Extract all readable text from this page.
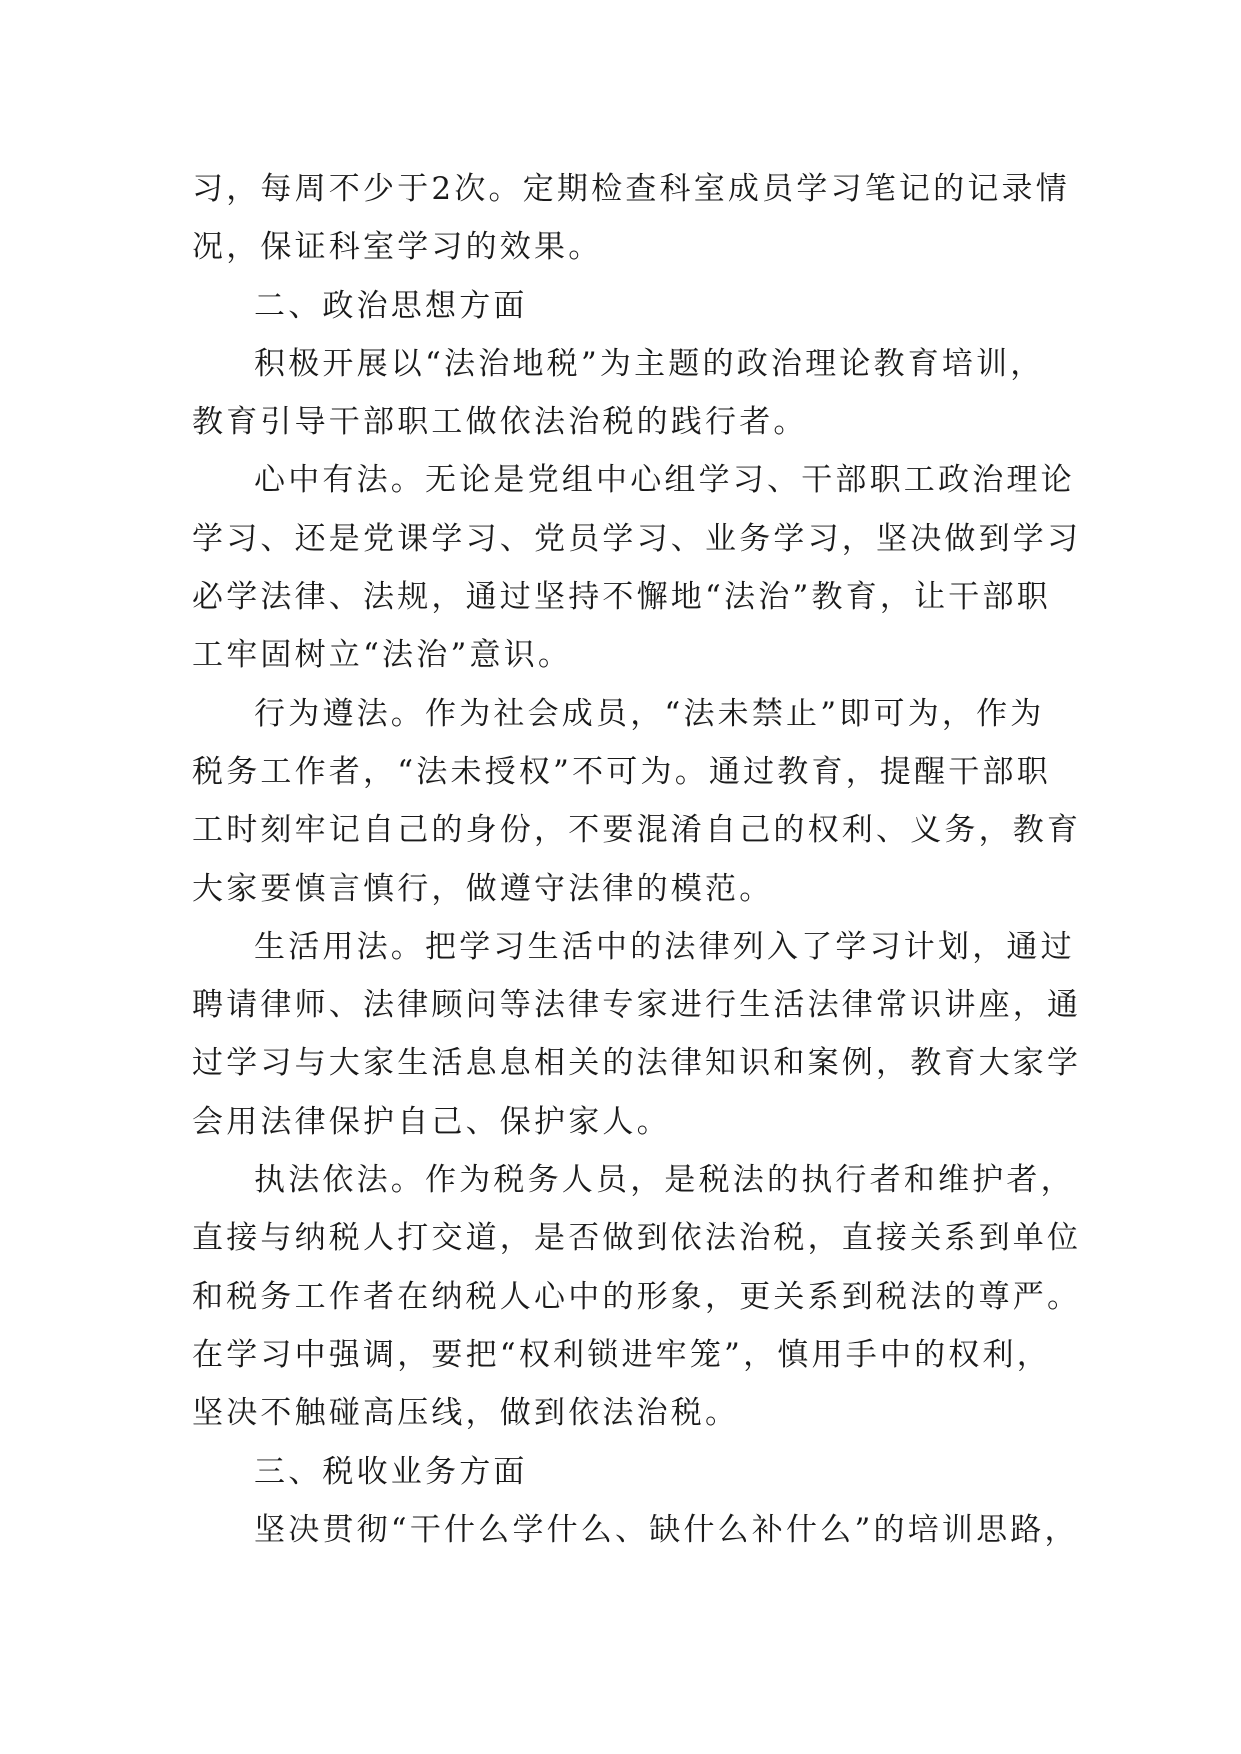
习，每周不少于2次。定期检查科室成员学习笔记的记录情
况，保证科室学习的效果。
二、政治思想方面
积极开展以“法治地税”为主题的政治理论教育培训，
教育引导干部职工做依法治税的践行者。
心中有法。无论是党组中心组学习、干部职工政治理论
学习、还是党课学习、党员学习、业务学习，坚决做到学习
必学法律、法规，通过坚持不懈地“法治”教育，让干部职
工牢固树立“法治”意识。
行为遵法。作为社会成员，“法未禁止”即可为，作为
税务工作者，“法未授权”不可为。通过教育，提醒干部职
工时刻牢记自己的身份，不要混淆自己的权利、义务，教育
大家要慎言慎行，做遵守法律的模范。
生活用法。把学习生活中的法律列入了学习计划，通过
聘请律师、法律顾问等法律专家进行生活法律常识讲座，通
过学习与大家生活息息相关的法律知识和案例，教育大家学
会用法律保护自己、保护家人。
执法依法。作为税务人员，是税法的执行者和维护者，
直接与纳税人打交道，是否做到依法治税，直接关系到单位
和税务工作者在纳税人心中的形象，更关系到税法的尊严。
在学习中强调，要把“权利锁进牢笼”，慎用手中的权利，
坚决不触碰高压线，做到依法治税。
三、税收业务方面
坚决贯彻“干什么学什么、缺什么补什么”的培训思路，
